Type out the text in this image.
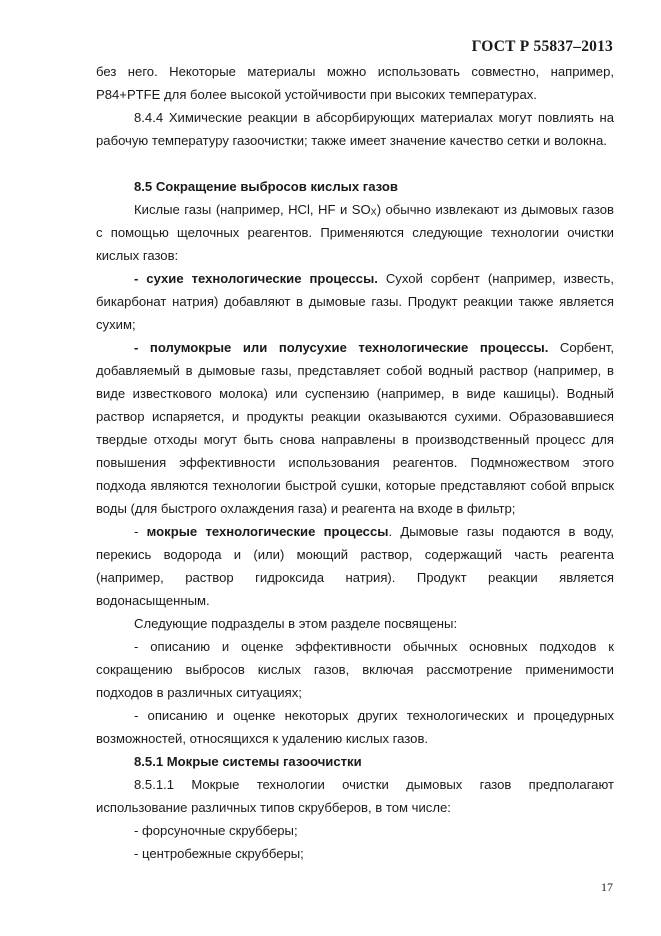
ГОСТ Р 55837–2013

без него. Некоторые материалы можно использовать совместно, например, P84+PTFE для более высокой устойчивости при высоких температурах.

8.4.4 Химические реакции в абсорбирующих материалах могут повлиять на рабочую температуру газоочистки; также имеет значение качество сетки и волокна.

8.5 Сокращение выбросов кислых газов

Кислые газы (например, HCl, HF и $SO_X$) обычно извлекают из дымовых газов с помощью щелочных реагентов. Применяются следующие технологии очистки кислых газов:

- сухие технологические процессы. Сухой сорбент (например, известь, бикарбонат натрия) добавляют в дымовые газы. Продукт реакции также является сухим;

- полумокрые или полусухие технологические процессы. Сорбент, добавляемый в дымовые газы, представляет собой водный раствор (например, в виде известкового молока) или суспензию (например, в виде кашицы). Водный раствор испаряется, и продукты реакции оказываются сухими. Образовавшиеся твердые отходы могут быть снова направлены в производственный процесс для повышения эффективности использования реагентов. Подмножеством этого подхода являются технологии быстрой сушки, которые представляют собой впрыск воды (для быстрого охлаждения газа) и реагента на входе в фильтр;

- мокрые технологические процессы. Дымовые газы подаются в воду, перекись водорода и (или) моющий раствор, содержащий часть реагента (например, раствор гидроксида натрия). Продукт реакции является водонасыщенным.

Следующие подразделы в этом разделе посвящены:

- описанию и оценке эффективности обычных основных подходов к сокращению выбросов кислых газов, включая рассмотрение применимости подходов в различных ситуациях;

- описанию и оценке некоторых других технологических и процедурных возможностей, относящихся к удалению кислых газов.

8.5.1 Мокрые системы газоочистки

8.5.1.1 Мокрые технологии очистки дымовых газов предполагают использование различных типов скрубберов, в том числе:

- форсуночные скрубберы;

- центробежные скрубберы;

17
